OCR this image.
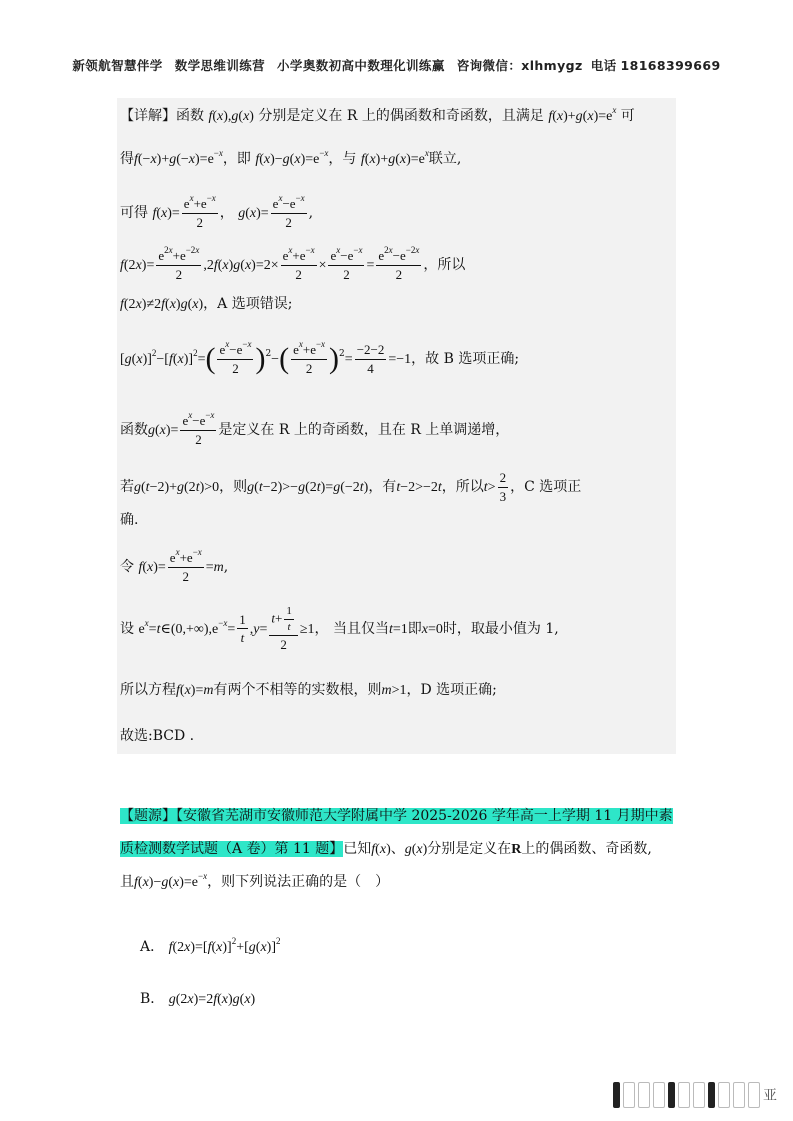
新领航智慧伴学 数学思维训练营 小学奥数初高中数理化训练赢 咨询微信：xlhmygz 电话 18168399669
【详解】函数 f(x),g(x) 分别是定义在 R 上的偶函数和奇函数，且满足 $f(x)+g(x)=e^x$ 可
得$f(-x)+g(-x)=e^{-x}$，即 $f(x)-g(x)=e^{-x}$，与 $f(x)+g(x)=e^x$联立,
可得 $f(x)= \frac{e^x+e^{-x}}{2}$ ， $g(x)= \frac{e^x-e^{-x}}{2}$ ,
$f(2x)= \frac{e^{2x}+e^{-2x}}{2} ,2f(x)g(x)=2\times \frac{e^x+e^{-x}}{2} \times \frac{e^x-e^{-x}}{2} = \frac{e^{2x}-e^{-2x}}{2}$ ，所以
f(2x)≠2f(x)g(x)，A 选项错误;
$[g(x)]^2-[f(x)]^2=( \frac{e^x-e^{-x}}{2} )^2-( \frac{e^x+e^{-x}}{2} )^2= \frac{-2-2}{4} =-1$，故 B 选项正确;
函数$g(x)= \frac{e^x-e^{-x}}{2}$ 是定义在 R 上的奇函数，且在 R 上单调递增，
若g(t−2)+g(2t)>0，则g(t−2)>−g(2t)=g(−2t)，有t−2>−2t，所以$t> \frac{2}{3}$ ，C 选项正
确.
令 $f(x)= \frac{e^x+e^{-x}}{2} =m$,
设 $e^x=t\in(0,+\infty),e^{-x}= \frac{1}{t} ,y= \frac{t+ \frac{1}{t}}{2} \ge 1$， 当且仅当t=1即x=0时，取最小值为 1,
所以方程f(x)=m有两个不相等的实数根，则m>1，D 选项正确;
故选:BCD .
【题源】【安徽省芜湖市安徽师范大学附属中学 2025-2026 学年高一上学期 11 月期中素质检测数学试题（A 卷）第 11 题】已知f(x)、g(x)分别是定义在R上的偶函数、奇函数,
且$f(x)-g(x)=e^{-x}$，则下列说法正确的是（　）
A． $f(2x)=[f(x)]^2+[g(x)]^2$
B． g(2x)=2f(x)g(x)
亚
